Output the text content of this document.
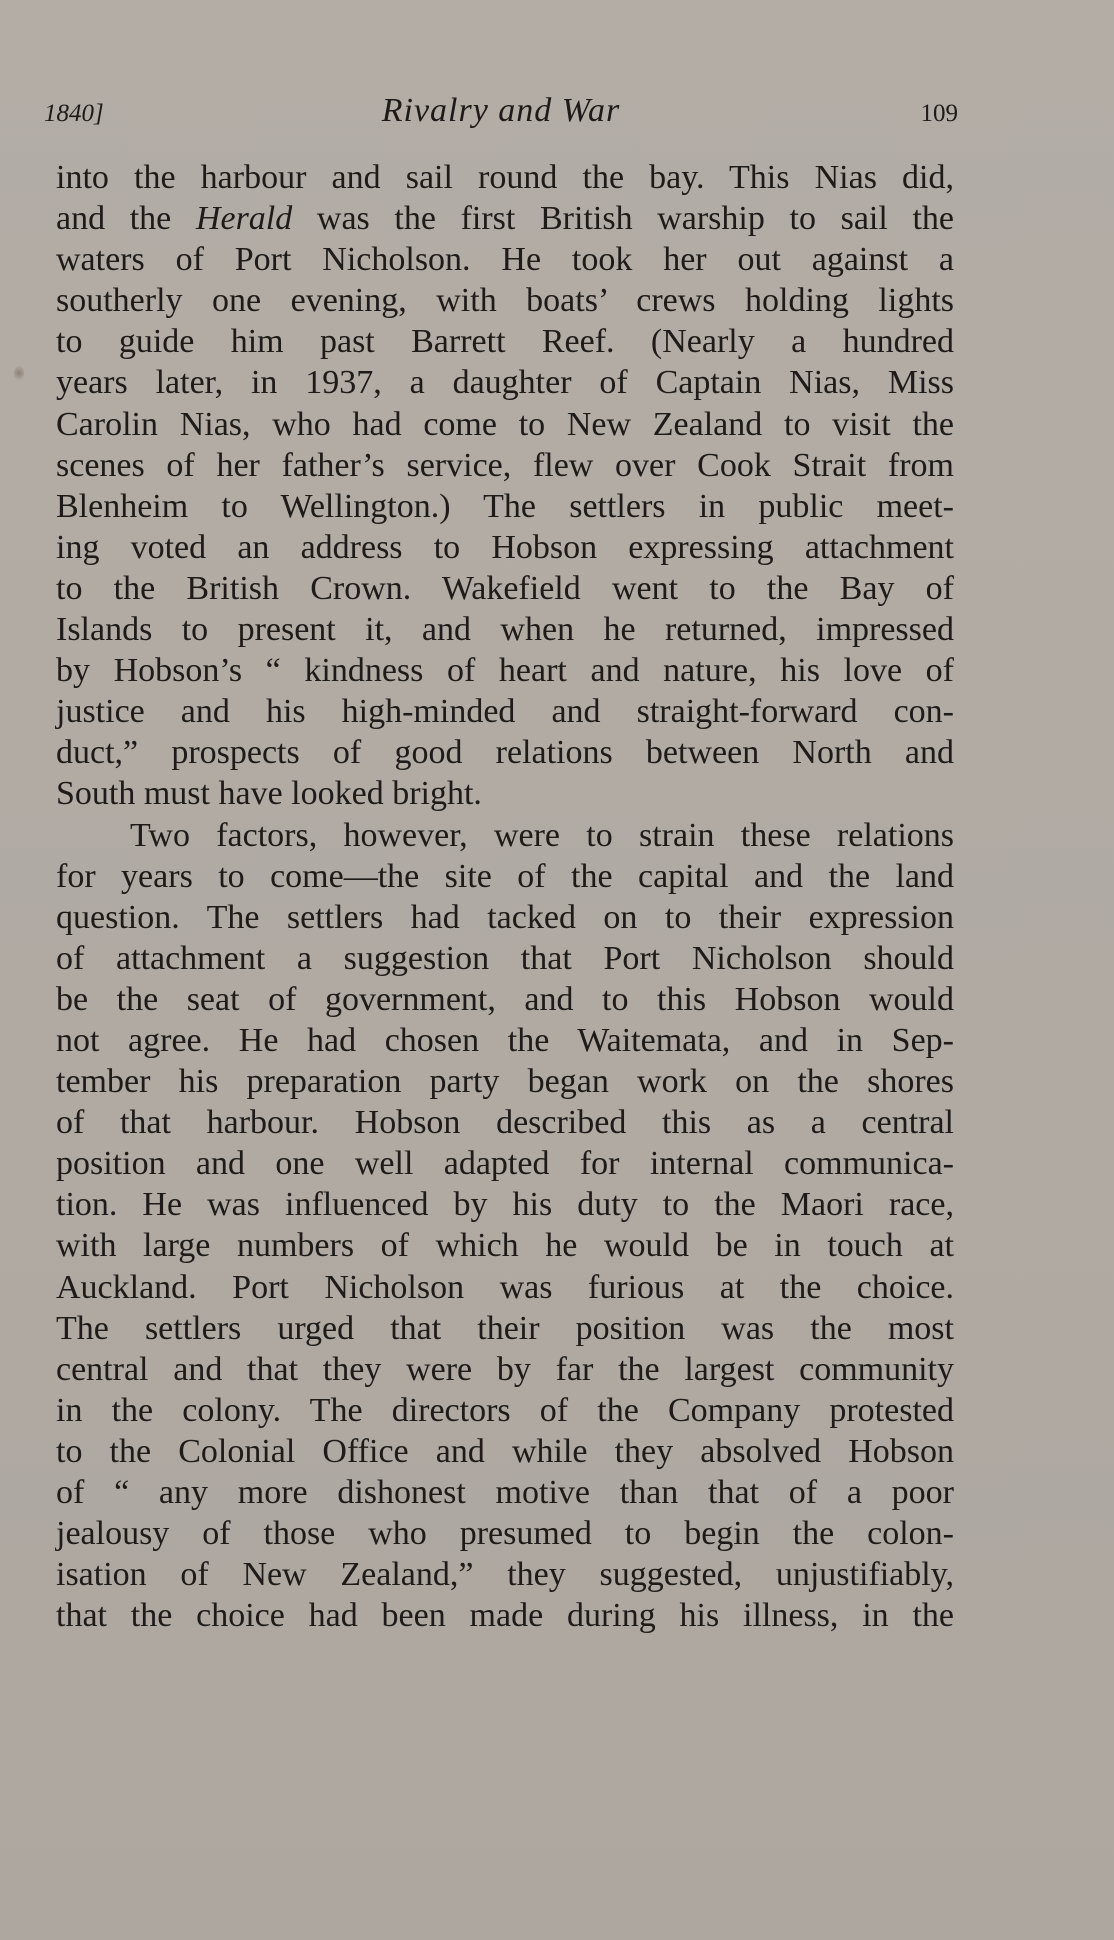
1840]	Rivalry and War	109
into the harbour and sail round the bay. This Nias did,
and the Herald was the first British warship to sail the
waters of Port Nicholson. He took her out against a
southerly one evening, with boats’ crews holding lights
to guide him past Barrett Reef. (Nearly a hundred
years later, in 1937, a daughter of Captain Nias, Miss
Carolin Nias, who had come to New Zealand to visit the
scenes of her father’s service, flew over Cook Strait from
Blenheim to Wellington.) The settlers in public meet-
ing voted an address to Hobson expressing attachment
to the British Crown. Wakefield went to the Bay of
Islands to present it, and when he returned, impressed
by Hobson’s “ kindness of heart and nature, his love of
justice and his high-minded and straight-forward con-
duct,” prospects of good relations between North and
South must have looked bright.
Two factors, however, were to strain these relations
for years to come—the site of the capital and the land
question. The settlers had tacked on to their expression
of attachment a suggestion that Port Nicholson should
be the seat of government, and to this Hobson would
not agree. He had chosen the Waitemata, and in Sep-
tember his preparation party began work on the shores
of that harbour. Hobson described this as a central
position and one well adapted for internal communica-
tion. He was influenced by his duty to the Maori race,
with large numbers of which he would be in touch at
Auckland. Port Nicholson was furious at the choice.
The settlers urged that their position was the most
central and that they were by far the largest community
in the colony. The directors of the Company protested
to the Colonial Office and while they absolved Hobson
of “ any more dishonest motive than that of a poor
jealousy of those who presumed to begin the colon-
isation of New Zealand,” they suggested, unjustifiably,
that the choice had been made during his illness, in the
